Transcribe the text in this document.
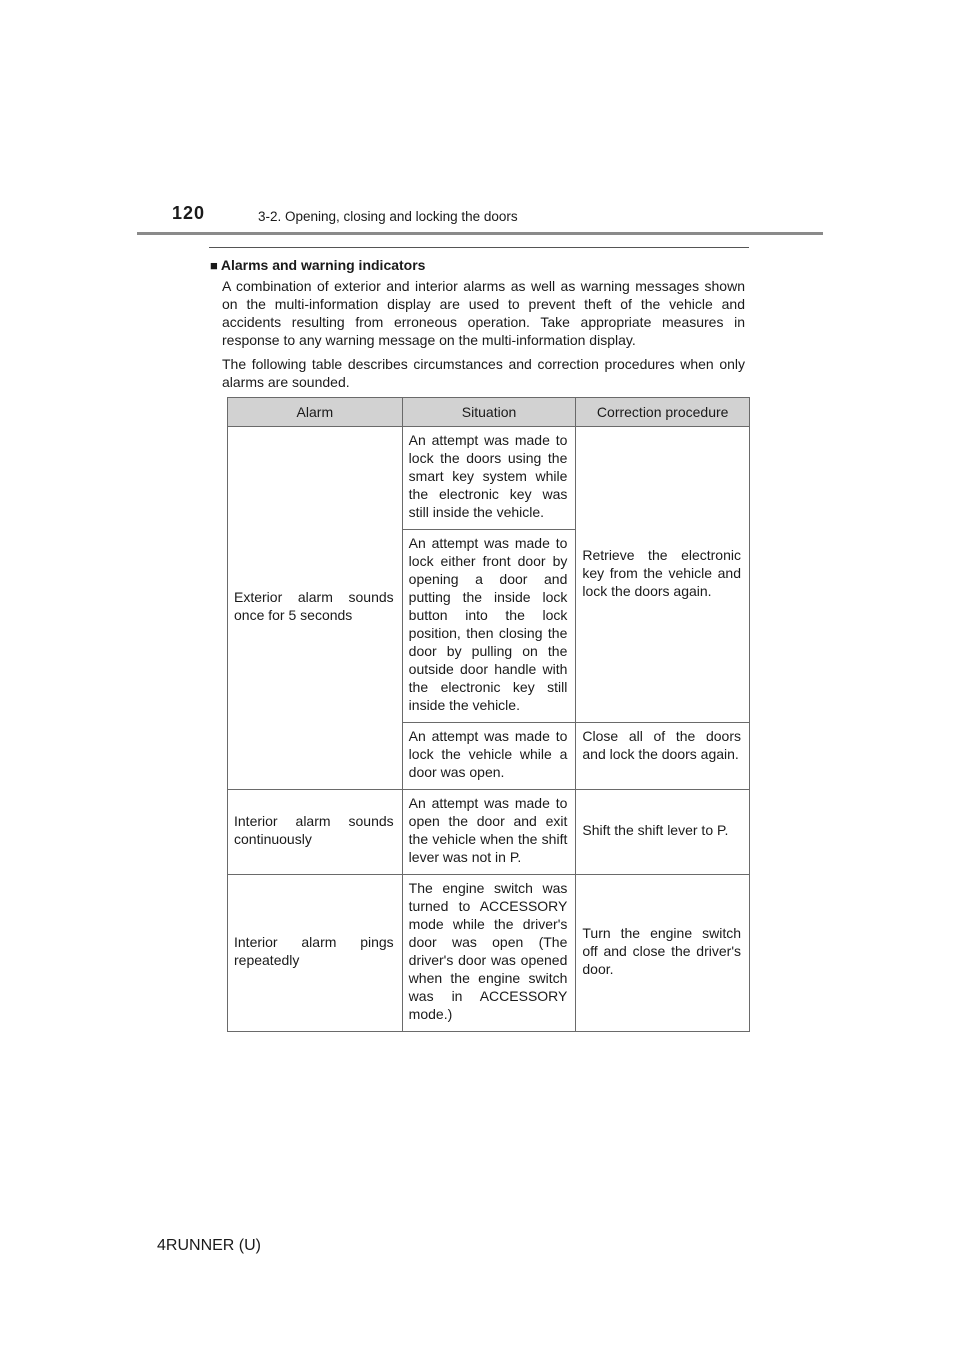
120	3-2. Opening, closing and locking the doors
■ Alarms and warning indicators

A combination of exterior and interior alarms as well as warning messages shown on the multi-information display are used to prevent theft of the vehicle and accidents resulting from erroneous operation. Take appropriate measures in response to any warning message on the multi-information display.

The following table describes circumstances and correction procedures when only alarms are sounded.

Alarm	Situation	Correction procedure
Exterior alarm sounds once for 5 seconds	An attempt was made to lock the doors using the smart key system while the electronic key was still inside the vehicle.	Retrieve the electronic key from the vehicle and lock the doors again.
	An attempt was made to lock either front door by opening a door and putting the inside lock button into the lock position, then closing the door by pulling on the outside door handle with the electronic key still inside the vehicle.	
	An attempt was made to lock the vehicle while a door was open.	Close all of the doors and lock the doors again.
Interior alarm sounds continuously	An attempt was made to open the door and exit the vehicle when the shift lever was not in P.	Shift the shift lever to P.
Interior alarm pings repeatedly	The engine switch was turned to ACCESSORY mode while the driver's door was open (The driver's door was opened when the engine switch was in ACCESSORY mode.)	Turn the engine switch off and close the driver's door.
4RUNNER (U)
